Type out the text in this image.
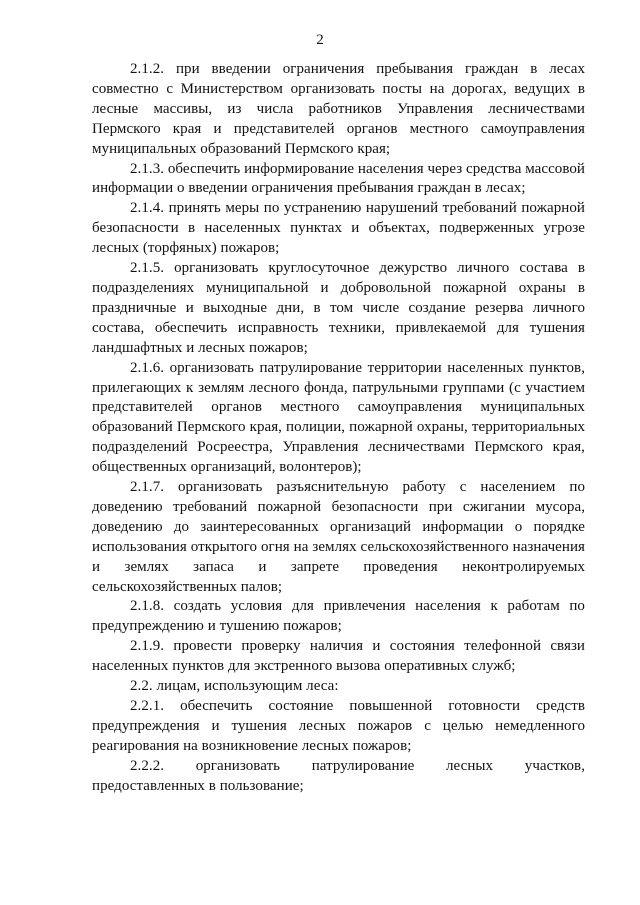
2

2.1.2. при введении ограничения пребывания граждан в лесах совместно с Министерством организовать посты на дорогах, ведущих в лесные массивы, из числа работников Управления лесничествами Пермского края и представителей органов местного самоуправления муниципальных образований Пермского края;

2.1.3. обеспечить информирование населения через средства массовой информации о введении ограничения пребывания граждан в лесах;

2.1.4. принять меры по устранению нарушений требований пожарной безопасности в населенных пунктах и объектах, подверженных угрозе лесных (торфяных) пожаров;

2.1.5. организовать круглосуточное дежурство личного состава в подразделениях муниципальной и добровольной пожарной охраны в праздничные и выходные дни, в том числе создание резерва личного состава, обеспечить исправность техники, привлекаемой для тушения ландшафтных и лесных пожаров;

2.1.6. организовать патрулирование территории населенных пунктов, прилегающих к землям лесного фонда, патрульными группами (с участием представителей органов местного самоуправления муниципальных образований Пермского края, полиции, пожарной охраны, территориальных подразделений Росреестра, Управления лесничествами Пермского края, общественных организаций, волонтеров);

2.1.7. организовать разъяснительную работу с населением по доведению требований пожарной безопасности при сжигании мусора, доведению до заинтересованных организаций информации о порядке использования открытого огня на землях сельскохозяйственного назначения и землях запаса и запрете проведения неконтролируемых сельскохозяйственных палов;

2.1.8. создать условия для привлечения населения к работам по предупреждению и тушению пожаров;

2.1.9. провести проверку наличия и состояния телефонной связи населенных пунктов для экстренного вызова оперативных служб;

2.2. лицам, использующим леса:

2.2.1. обеспечить состояние повышенной готовности средств предупреждения и тушения лесных пожаров с целью немедленного реагирования на возникновение лесных пожаров;

2.2.2. организовать патрулирование лесных участков, предоставленных в пользование;
